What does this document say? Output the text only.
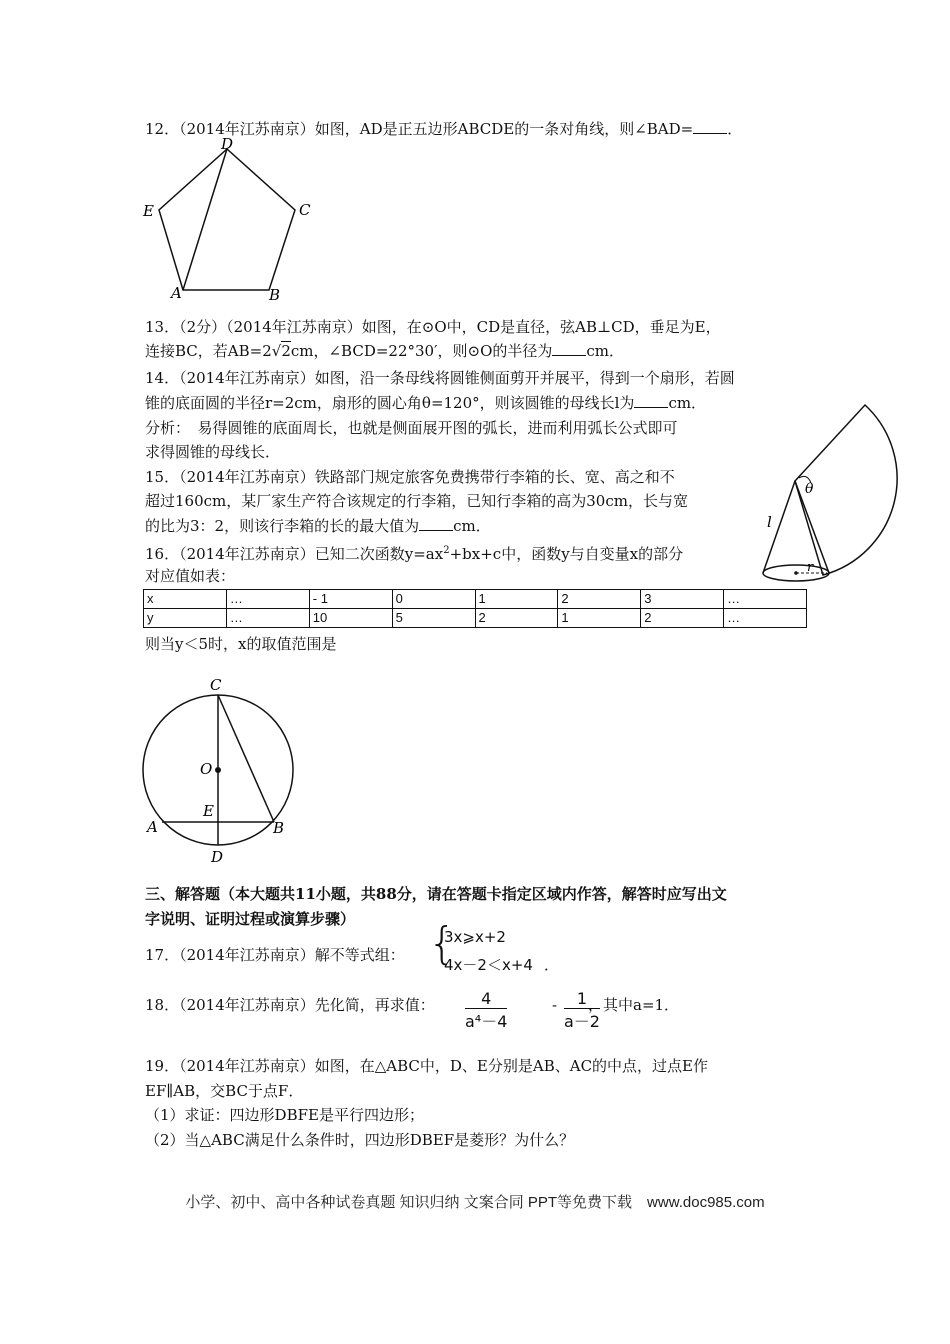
12．（2014年江苏南京）如图，AD是正五边形ABCDE的一条对角线，则∠BAD= ．
D
E	C
A	B
13．（2分）（2014年江苏南京）如图，在⊙O中，CD是直径，弦AB⊥CD，垂足为E，
连接BC，若AB=2√2cm，∠BCD=22°30′，则⊙O的半径为 cm．
14．（2014年江苏南京）如图，沿一条母线将圆锥侧面剪开并展平，得到一个扇形，若圆
锥的底面圆的半径r=2cm，扇形的圆心角θ=120°，则该圆锥的母线长l为 cm．
分析：　易得圆锥的底面周长，也就是侧面展开图的弧长，进而利用弧长公式即可
求得圆锥的母线长．
θ
l
r
15．（2014年江苏南京）铁路部门规定旅客免费携带行李箱的长、宽、高之和不
超过160cm，某厂家生产符合该规定的行李箱，已知行李箱的高为30cm，长与宽
的比为3：2，则该行李箱的长的最大值为 cm．
16．（2014年江苏南京）已知二次函数$y=ax^2+bx+c$中，函数y与自变量x的部分
对应值如表：
x	…	- 1	0	1	2	3	…
y	…	10	5	2	1	2	…
则当y＜5时，x的取值范围是
C
O
E
A	B
D
三、解答题（本大题共11小题，共88分，请在答题卡指定区域内作答，解答时应写出文
字说明、证明过程或演算步骤）
17．（2014年江苏南京）解不等式组： {
3x⩾x+2
4x－2＜x+4 ．
18．（2014年江苏南京）先化简，再求值： $\frac{4}{\text{a⁴－4}}$	- $\frac{1}{a-2}$
，其中a=1．
19．（2014年江苏南京）如图，在△ABC中，D、E分别是AB、AC的中点，过点E作
EF∥AB，交BC于点F．
（1）求证：四边形DBFE是平行四边形；
（2）当△ABC满足什么条件时，四边形DBEF是菱形？为什么？
小学、初中、高中各种试卷真题 知识归纳 文案合同 PPT等免费下载　www.doc985.com
